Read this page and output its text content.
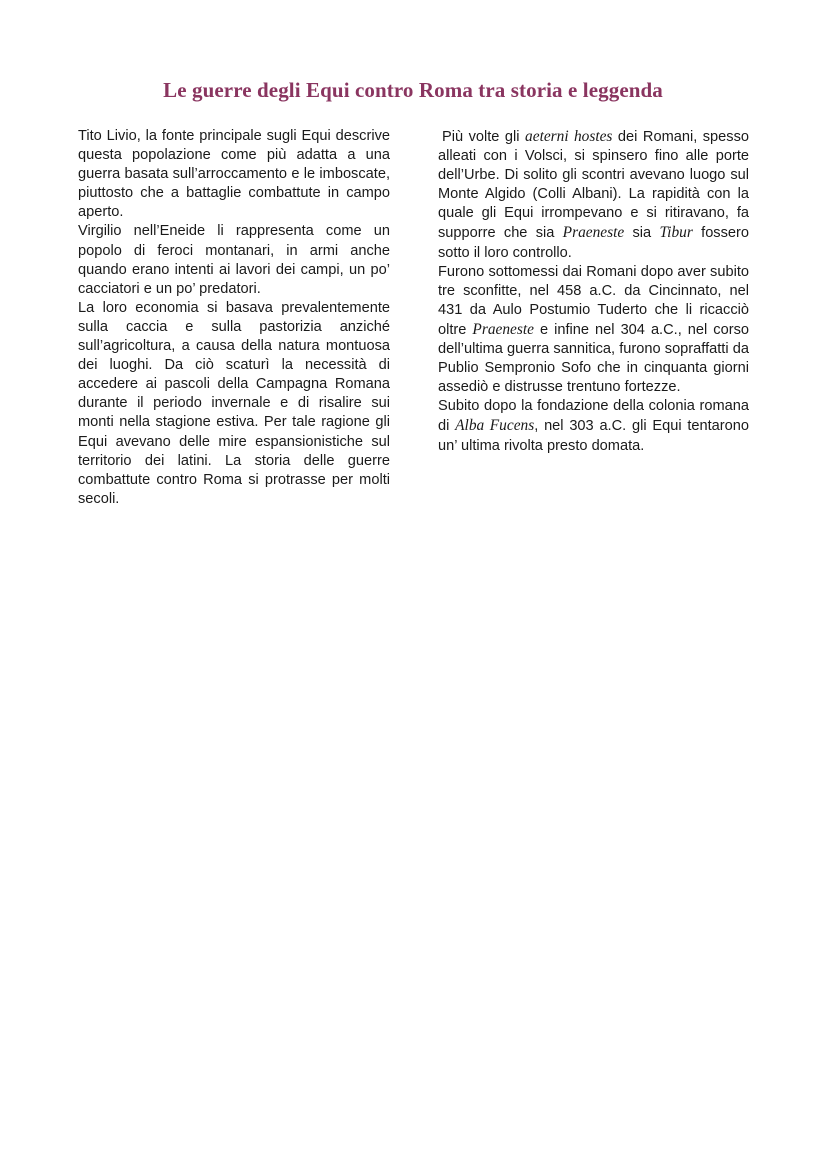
Le guerre degli Equi contro Roma tra storia e leggenda

Tito Livio, la fonte principale sugli Equi descrive questa popolazione come più adatta a una guerra basata sull’arroccamento e le imboscate, piuttosto che a battaglie combattute in campo aperto.

Virgilio nell’Eneide li rappresenta come un popolo di feroci montanari, in armi anche quando erano intenti ai lavori dei campi, un po’ cacciatori e un po’ predatori.

La loro economia si basava prevalentemente sulla caccia e sulla pastorizia anziché sull’agricoltura, a causa della natura montuosa dei luoghi. Da ciò scaturì la necessità di accedere ai pascoli della Campagna Romana durante il periodo invernale e di risalire sui monti nella stagione estiva. Per tale ragione gli Equi avevano delle mire espansionistiche sul territorio dei latini. La storia delle guerre combattute contro Roma si protrasse per molti secoli.

Più volte gli aeterni hostes dei Romani, spesso alleati con i Volsci, si spinsero fino alle porte dell’Urbe. Di solito gli scontri avevano luogo sul Monte Algido (Colli Albani). La rapidità con la quale gli Equi irrompevano e si ritiravano, fa supporre che sia Praeneste sia Tibur fossero sotto il loro controllo.

Furono sottomessi dai Romani dopo aver subito tre sconfitte, nel 458 a.C. da Cincinnato, nel 431 da Aulo Postumio Tuderto che li ricacciò oltre Praeneste e infine nel 304 a.C., nel corso dell’ultima guerra sannitica, furono sopraffatti da Publio Sempronio Sofo che in cinquanta giorni assediò e distrusse trentuno fortezze.

Subito dopo la fondazione della colonia romana di Alba Fucens, nel 303 a.C. gli Equi tentarono un’ ultima rivolta presto domata.
